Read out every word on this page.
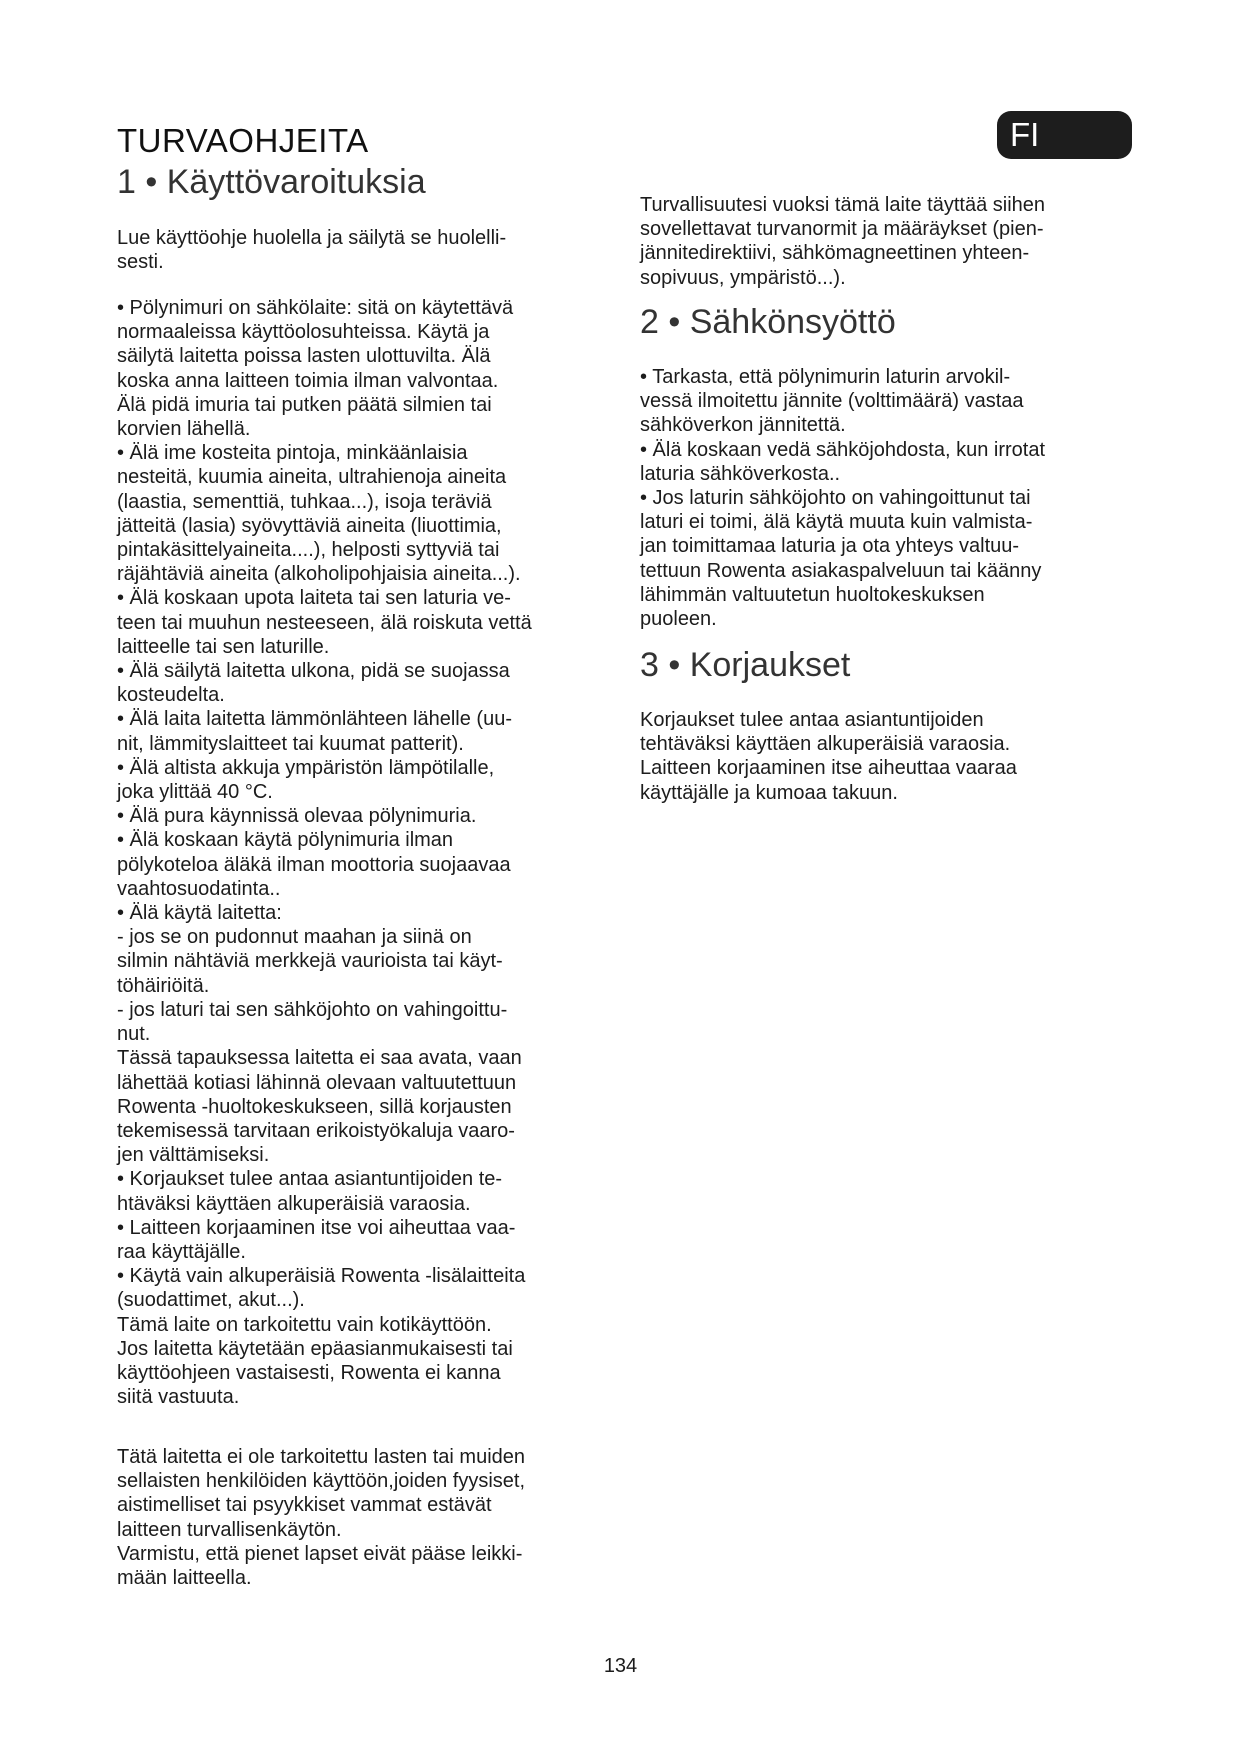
TURVAOHJEITA	FI
1 • Käyttövaroituksia

Lue käyttöohje huolella ja säilytä se huolelli-
sesti.

• Pölynimuri on sähkölaite: sitä on käytettävä
normaaleissa käyttöolosuhteissa. Käytä ja
säilytä laitetta poissa lasten ulottuvilta. Älä
koska anna laitteen toimia ilman valvontaa.
Älä pidä imuria tai putken päätä silmien tai
korvien lähellä.
• Älä ime kosteita pintoja, minkäänlaisia
nesteitä, kuumia aineita, ultrahienoja aineita
(laastia, sementtiä, tuhkaa...), isoja teräviä
jätteitä (lasia) syövyttäviä aineita (liuottimia,
pintakäsittelyaineita....), helposti syttyviä tai
räjähtäviä aineita (alkoholipohjaisia aineita...).
• Älä koskaan upota laiteta tai sen laturia ve-
teen tai muuhun nesteeseen, älä roiskuta vettä
laitteelle tai sen laturille.
• Älä säilytä laitetta ulkona, pidä se suojassa
kosteudelta.
• Älä laita laitetta lämmönlähteen lähelle (uu-
nit, lämmityslaitteet tai kuumat patterit).
• Älä altista akkuja ympäristön lämpötilalle,
joka ylittää 40 °C.
• Älä pura käynnissä olevaa pölynimuria.
• Älä koskaan käytä pölynimuria ilman
pölykoteloa äläkä ilman moottoria suojaavaa
vaahtosuodatinta..
• Älä käytä laitetta:
- jos se on pudonnut maahan ja siinä on
silmin nähtäviä merkkejä vaurioista tai käyt-
töhäiriöitä.
- jos laturi tai sen sähköjohto on vahingoittu-
nut.
Tässä tapauksessa laitetta ei saa avata, vaan
lähettää kotiasi lähinnä olevaan valtuutettuun
Rowenta -huoltokeskukseen, sillä korjausten
tekemisessä tarvitaan erikoistyökaluja vaaro-
jen välttämiseksi.
• Korjaukset tulee antaa asiantuntijoiden te-
htäväksi käyttäen alkuperäisiä varaosia.
• Laitteen korjaaminen itse voi aiheuttaa vaa-
raa käyttäjälle.
• Käytä vain alkuperäisiä Rowenta -lisälaitteita
(suodattimet, akut...).
Tämä laite on tarkoitettu vain kotikäyttöön.
Jos laitetta käytetään epäasianmukaisesti tai
käyttöohjeen vastaisesti, Rowenta ei kanna
siitä vastuuta.

Tätä laitetta ei ole tarkoitettu lasten tai muiden
sellaisten henkilöiden käyttöön,joiden fyysiset,
aistimelliset tai psyykkiset vammat estävät
laitteen turvallisenkäytön.
Varmistu, että pienet lapset eivät pääse leikki-
mään laitteella.

Turvallisuutesi vuoksi tämä laite täyttää siihen
sovellettavat turvanormit ja määräykset (pien-
jännitedirektiivi, sähkömagneettinen yhteen-
sopivuus, ympäristö...).

2 • Sähkönsyöttö

• Tarkasta, että pölynimurin laturin arvokil-
vessä ilmoitettu jännite (volttimäärä) vastaa
sähköverkon jännitettä.
• Älä koskaan vedä sähköjohdosta, kun irrotat
laturia sähköverkosta..
• Jos laturin sähköjohto on vahingoittunut tai
laturi ei toimi, älä käytä muuta kuin valmista-
jan toimittamaa laturia ja ota yhteys valtuu-
tettuun Rowenta asiakaspalveluun tai käänny
lähimmän valtuutetun huoltokeskuksen
puoleen.

3 • Korjaukset

Korjaukset tulee antaa asiantuntijoiden
tehtäväksi käyttäen alkuperäisiä varaosia.
Laitteen korjaaminen itse aiheuttaa vaaraa
käyttäjälle ja kumoaa takuun.

134
